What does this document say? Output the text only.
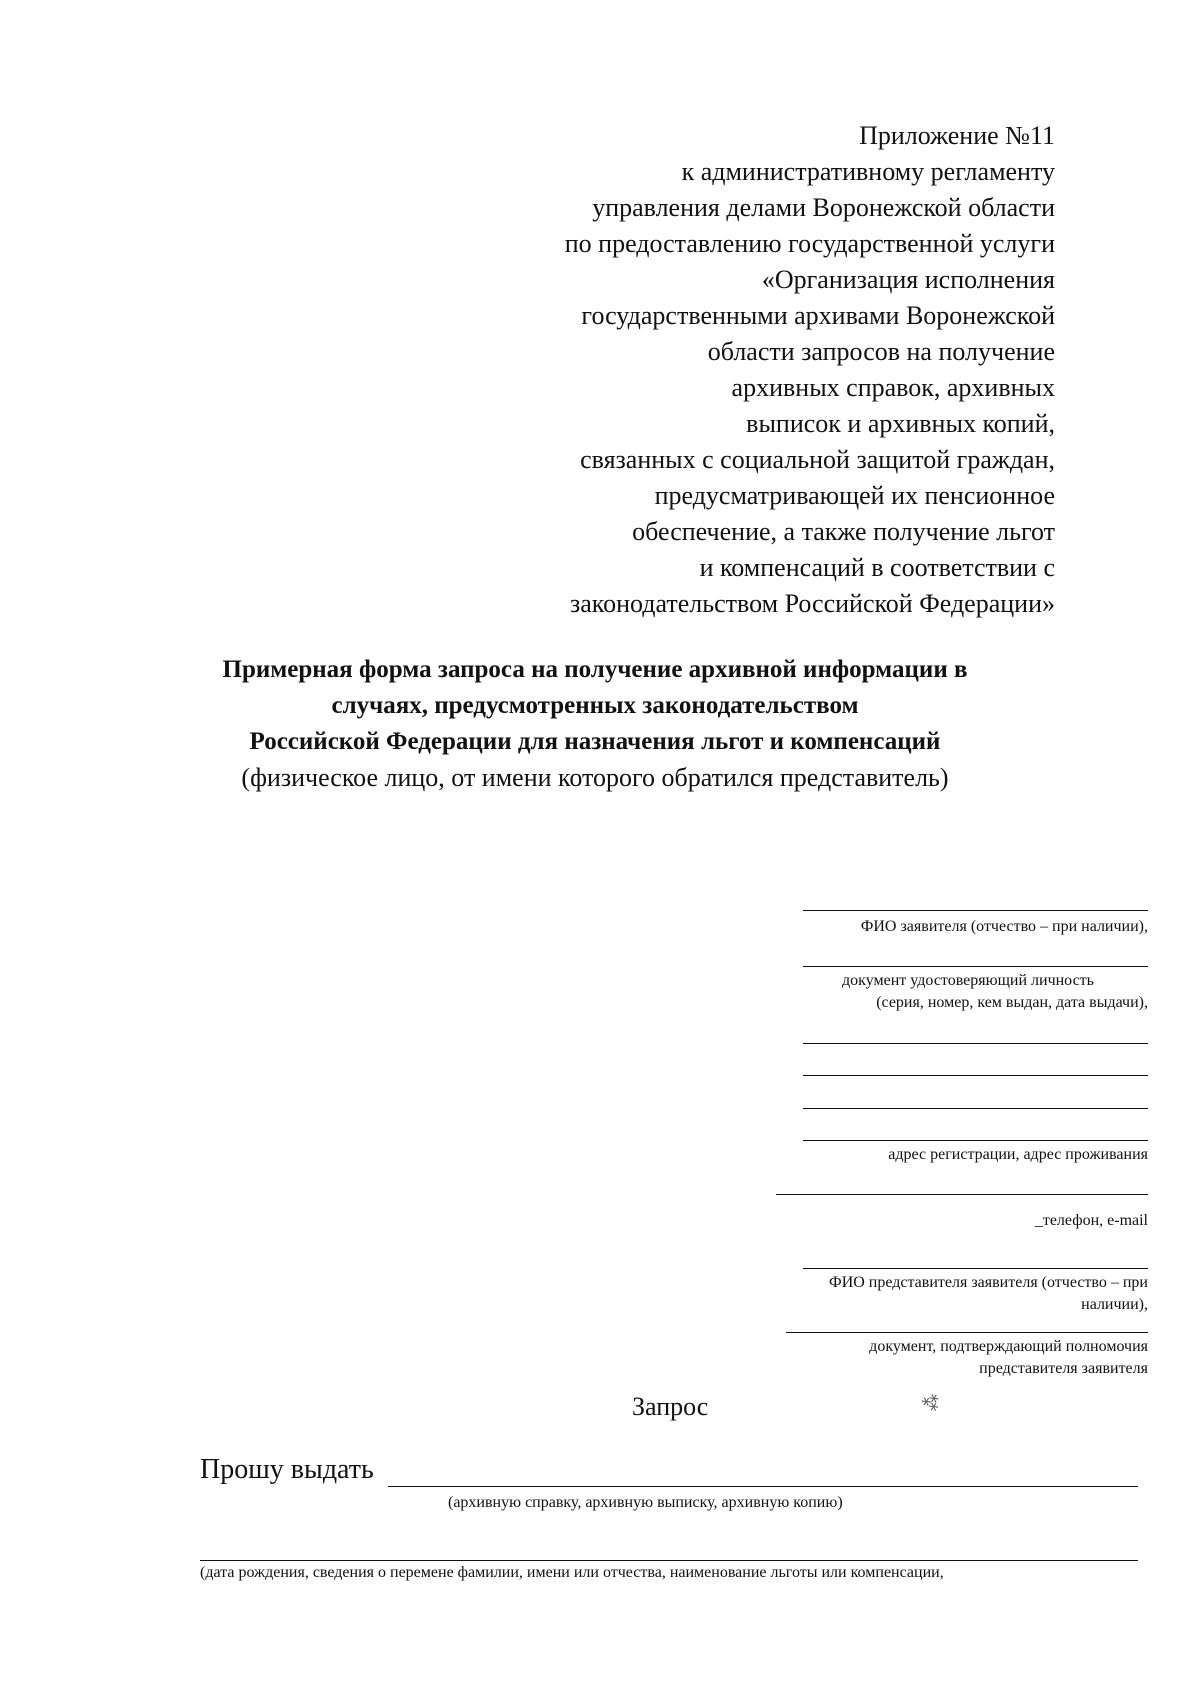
Приложение №11
к административному регламенту
управления делами Воронежской области
по предоставлению государственной услуги
«Организация исполнения
государственными архивами Воронежской
области запросов на получение
архивных справок, архивных
выписок и архивных копий,
связанных с социальной защитой граждан,
предусматривающей их пенсионное
обеспечение, а также получение льгот
и компенсаций в соответствии с
законодательством Российской Федерации»
Примерная форма запроса на получение архивной информации в
случаях, предусмотренных законодательством
Российской Федерации для назначения льгот и компенсаций
(физическое лицо, от имени которого обратился представитель)
ФИО заявителя (отчество – при наличии),
документ удостоверяющий личность
(серия, номер, кем выдан, дата выдачи),
адрес регистрации, адрес проживания
_телефон, e-mail
ФИО представителя заявителя (отчество – при
наличии),
документ, подтверждающий полномочия
представителя заявителя
Запрос	⁂
Прошу выдать
(архивную справку, архивную выписку, архивную копию)
(дата рождения, сведения о перемене фамилии, имени или отчества, наименование льготы или компенсации,
